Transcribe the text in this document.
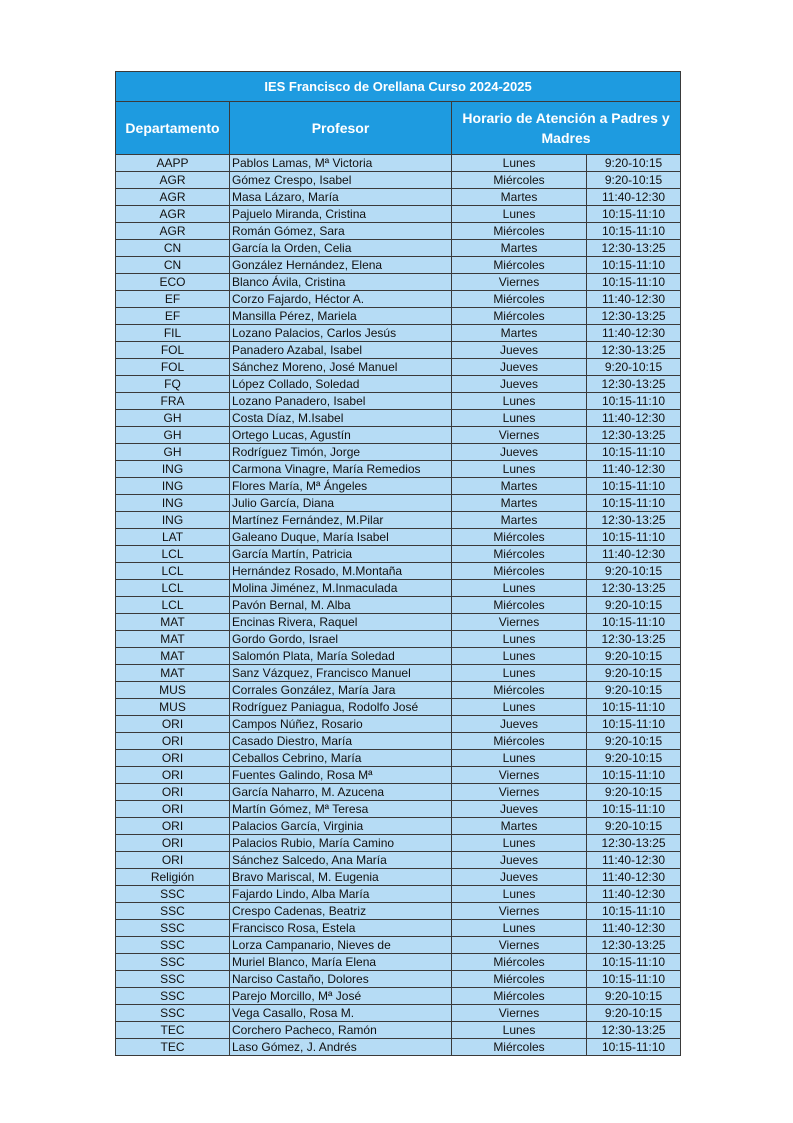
IES Francisco de Orellana Curso 2024-2025			
Departamento	Profesor	Horario de Atención a Padres y Madres	
AAPP	Pablos Lamas, Mª Victoria	Lunes	9:20-10:15
AGR	Gómez Crespo, Isabel	Miércoles	9:20-10:15
AGR	Masa Lázaro, María	Martes	11:40-12:30
AGR	Pajuelo Miranda, Cristina	Lunes	10:15-11:10
AGR	Román Gómez, Sara	Miércoles	10:15-11:10
CN	García la Orden, Celia	Martes	12:30-13:25
CN	González Hernández, Elena	Miércoles	10:15-11:10
ECO	Blanco Ávila, Cristina	Viernes	10:15-11:10
EF	Corzo Fajardo, Héctor A.	Miércoles	11:40-12:30
EF	Mansilla Pérez, Mariela	Miércoles	12:30-13:25
FIL	Lozano Palacios, Carlos Jesús	Martes	11:40-12:30
FOL	Panadero Azabal, Isabel	Jueves	12:30-13:25
FOL	Sánchez Moreno, José Manuel	Jueves	9:20-10:15
FQ	López Collado, Soledad	Jueves	12:30-13:25
FRA	Lozano Panadero, Isabel	Lunes	10:15-11:10
GH	Costa Díaz, M.Isabel	Lunes	11:40-12:30
GH	Ortego Lucas, Agustín	Viernes	12:30-13:25
GH	Rodríguez Timón, Jorge	Jueves	10:15-11:10
ING	Carmona Vinagre, María Remedios	Lunes	11:40-12:30
ING	Flores María, Mª Ángeles	Martes	10:15-11:10
ING	Julio García, Diana	Martes	10:15-11:10
ING	Martínez Fernández, M.Pilar	Martes	12:30-13:25
LAT	Galeano Duque, María Isabel	Miércoles	10:15-11:10
LCL	García Martín, Patricia	Miércoles	11:40-12:30
LCL	Hernández Rosado, M.Montaña	Miércoles	9:20-10:15
LCL	Molina Jiménez, M.Inmaculada	Lunes	12:30-13:25
LCL	Pavón Bernal, M. Alba	Miércoles	9:20-10:15
MAT	Encinas Rivera, Raquel	Viernes	10:15-11:10
MAT	Gordo Gordo, Israel	Lunes	12:30-13:25
MAT	Salomón Plata, María Soledad	Lunes	9:20-10:15
MAT	Sanz Vázquez, Francisco Manuel	Lunes	9:20-10:15
MUS	Corrales González, María Jara	Miércoles	9:20-10:15
MUS	Rodríguez Paniagua, Rodolfo José	Lunes	10:15-11:10
ORI	Campos Núñez, Rosario	Jueves	10:15-11:10
ORI	Casado Diestro, María	Miércoles	9:20-10:15
ORI	Ceballos Cebrino, María	Lunes	9:20-10:15
ORI	Fuentes Galindo, Rosa Mª	Viernes	10:15-11:10
ORI	García Naharro, M. Azucena	Viernes	9:20-10:15
ORI	Martín Gómez, Mª Teresa	Jueves	10:15-11:10
ORI	Palacios García, Virginia	Martes	9:20-10:15
ORI	Palacios Rubio, María Camino	Lunes	12:30-13:25
ORI	Sánchez Salcedo, Ana María	Jueves	11:40-12:30
Religión	Bravo Mariscal, M. Eugenia	Jueves	11:40-12:30
SSC	Fajardo Lindo, Alba María	Lunes	11:40-12:30
SSC	Crespo Cadenas, Beatriz	Viernes	10:15-11:10
SSC	Francisco Rosa, Estela	Lunes	11:40-12:30
SSC	Lorza Campanario, Nieves de	Viernes	12:30-13:25
SSC	Muriel Blanco, María Elena	Miércoles	10:15-11:10
SSC	Narciso Castaño, Dolores	Miércoles	10:15-11:10
SSC	Parejo Morcillo, Mª José	Miércoles	9:20-10:15
SSC	Vega Casallo, Rosa M.	Viernes	9:20-10:15
TEC	Corchero Pacheco, Ramón	Lunes	12:30-13:25
TEC	Laso Gómez, J. Andrés	Miércoles	10:15-11:10
